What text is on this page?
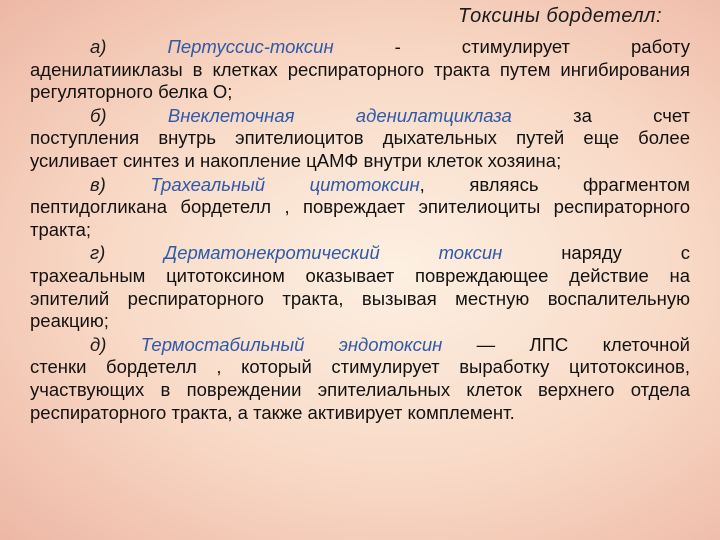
Токсины бордетелл:
а)	Пертуссис-токсин - стимулирует работу
аденилатииклазы в клетках респираторного тракта путем ингибирования регуляторного белка О;
б)	Внеклеточная аденилатциклаза за счет
поступления внутрь эпителиоцитов дыхательных путей еще более усиливает синтез и накопление цАМФ внутри клеток хозяина;
в) Трахеальный цитотоксин, являясь фрагментом
пептидогликана бордетелл , повреждает эпителиоциты респираторного тракта;
г)	Дерматонекротический токсин наряду с
трахеальным цитотоксином оказывает повреждающее действие на эпителий респираторного тракта, вызывая местную воспалительную реакцию;
д) Термостабильный эндотоксин — ЛПС клеточной
стенки бордетелл , который стимулирует выработку цитотоксинов, участвующих в повреждении эпителиальных клеток верхнего отдела респираторного тракта, а также активирует комплемент.
